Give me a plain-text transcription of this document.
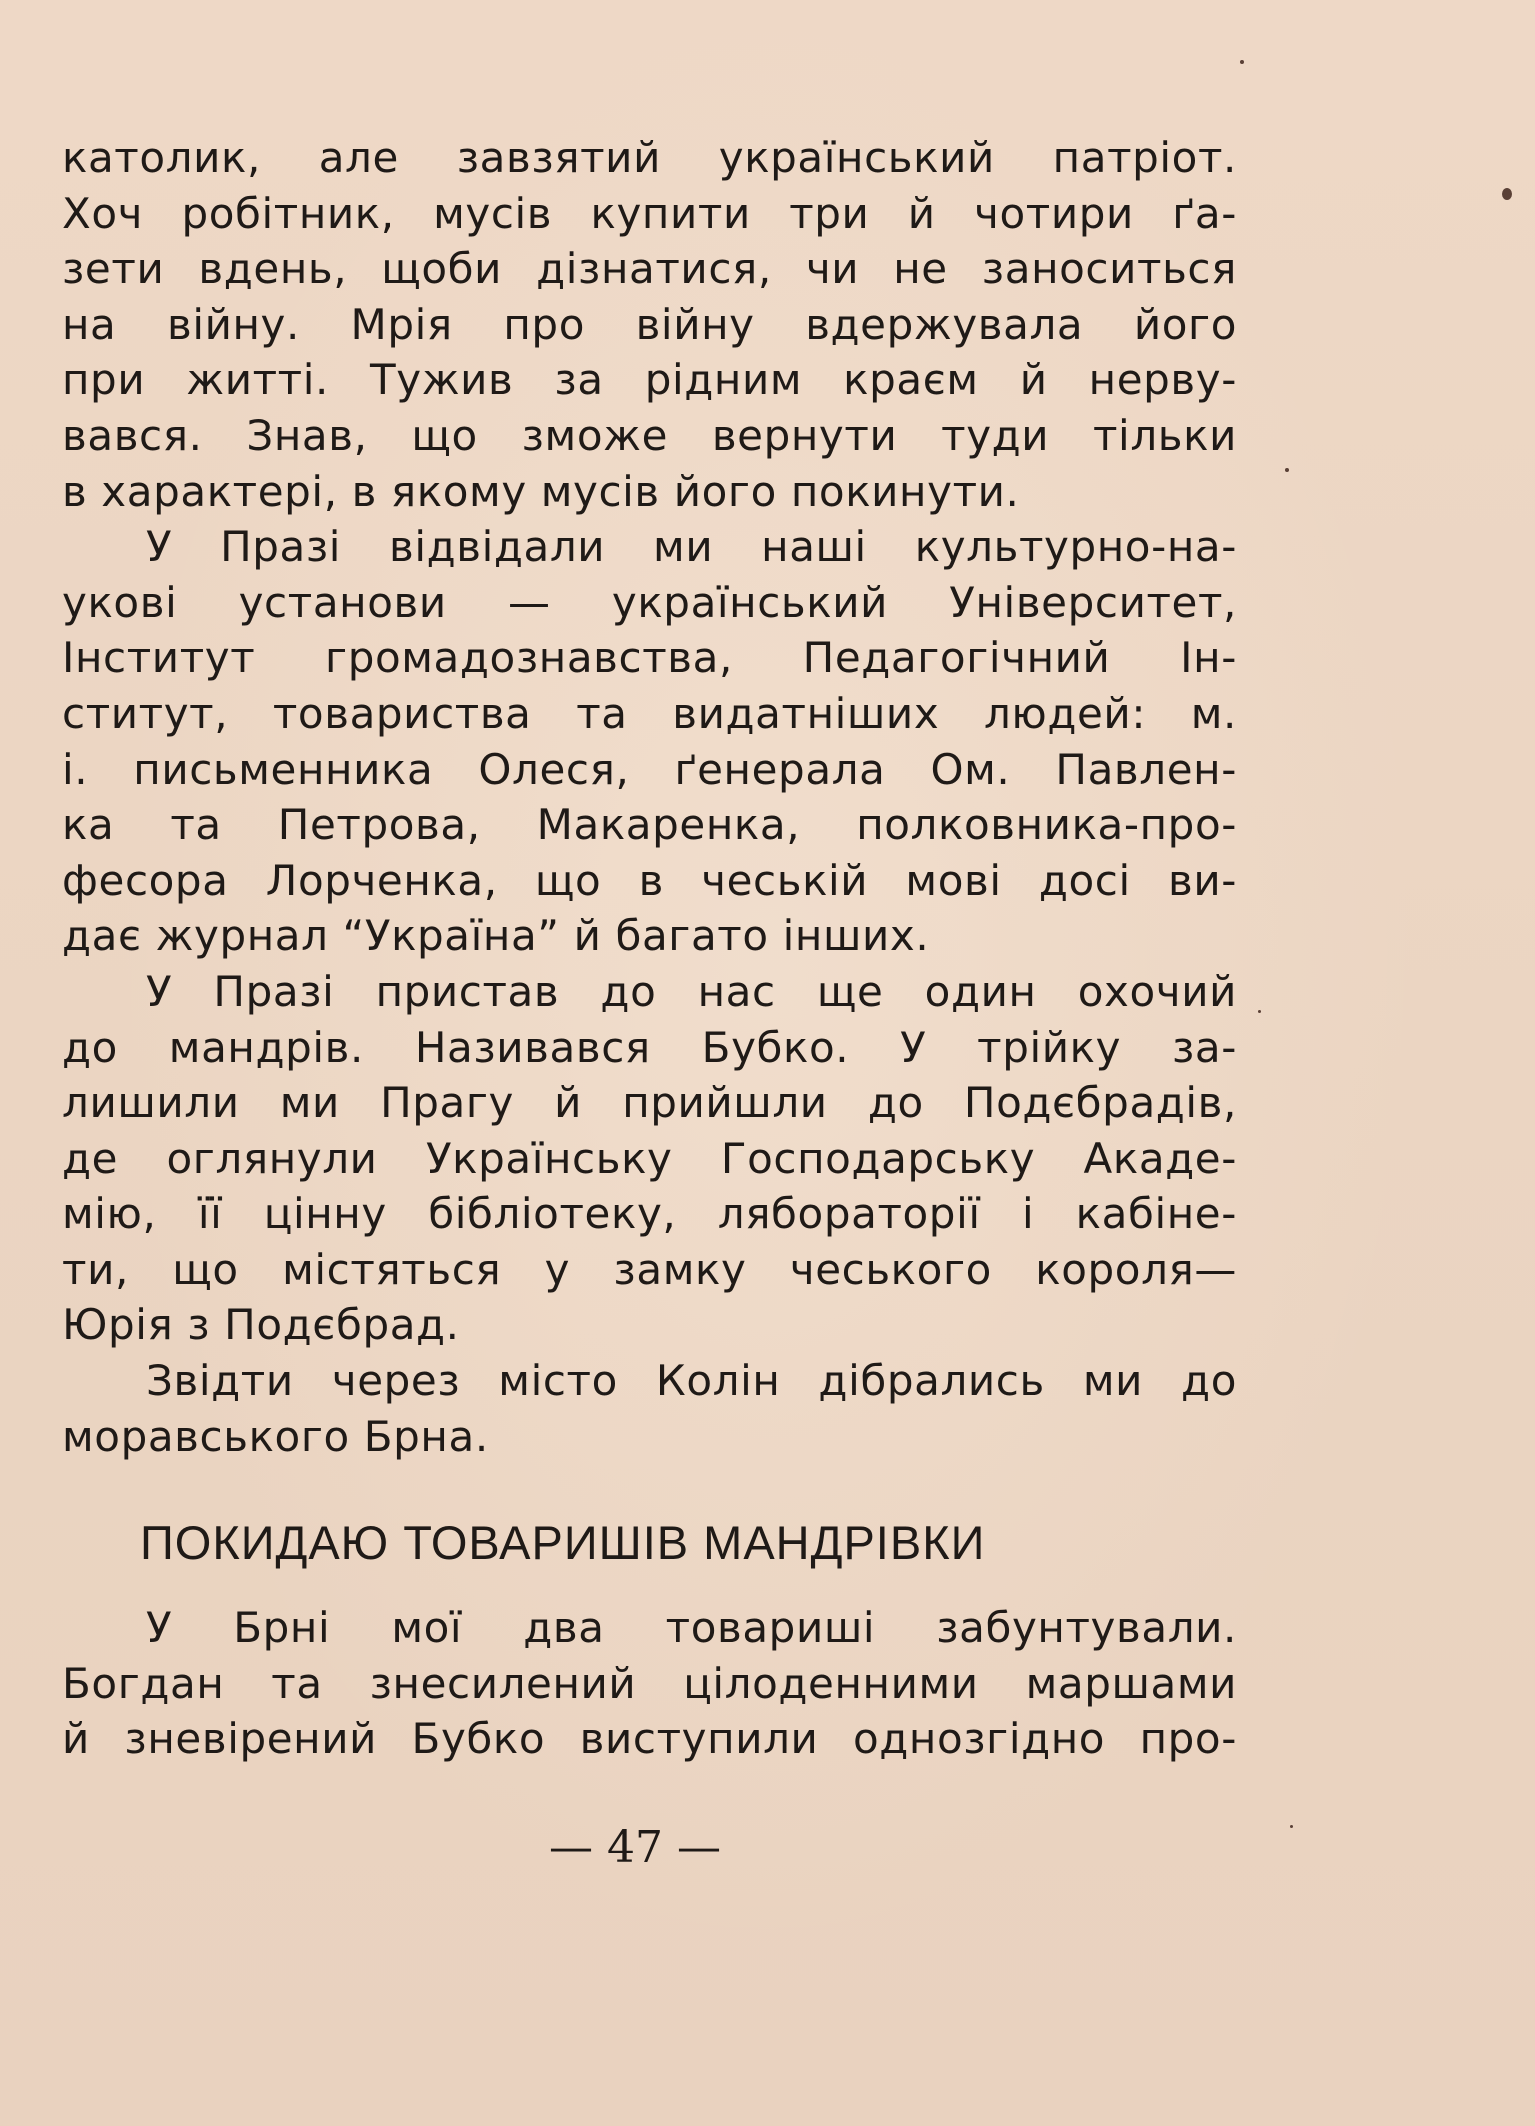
католик, але завзятий український патріот.
Хоч робітник, мусів купити три й чотири ґа-
зети вдень, щоби дізнатися, чи не заноситься
на війну. Мрія про війну вдержувала його
при житті. Тужив за рідним краєм й нерву-
вався. Знав, що зможе вернути туди тільки
в характері, в якому мусів його покинути.
У Празі відвідали ми наші культурно-на-
укові установи — український Університет,
Інститут громадознавства, Педагогічний Ін-
ститут, товариства та видатніших людей: м.
і. письменника Олеся, ґенерала Ом. Павлен-
ка та Петрова, Макаренка, полковника-про-
фесора Лорченка, що в чеській мові досі ви-
дає журнал “Україна” й багато інших.
У Празі пристав до нас ще один охочий
до мандрів. Називався Бубко. У трійку за-
лишили ми Прагу й прийшли до Подєбрадів,
де оглянули Українську Господарську Акаде-
мію, її цінну бібліотеку, лябораторії і кабіне-
ти, що містяться у замку чеського короля—
Юрія з Подєбрад.
Звідти через місто Колін дібрались ми до
моравського Брна.
ПОКИДАЮ ТОВАРИШІВ МАНДРІВКИ
У Брні мої два товариші забунтували.
Богдан та знесилений цілоденними маршами
й зневірений Бубко виступили однозгідно про-
— 47 —
